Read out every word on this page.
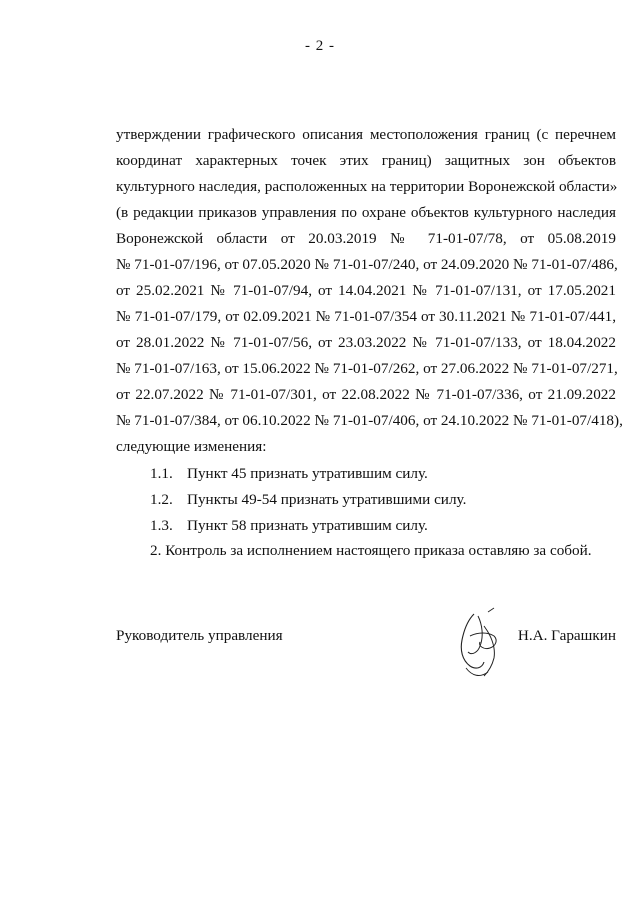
- 2 -
утверждении графического описания местоположения границ (с перечнем
координат характерных точек этих границ) защитных зон объектов
культурного наследия, расположенных на территории Воронежской области»
(в редакции приказов управления по охране объектов культурного наследия
Воронежской области от 20.03.2019 № 71-01-07/78, от 05.08.2019
№ 71-01-07/196, от 07.05.2020 № 71-01-07/240, от 24.09.2020 № 71-01-07/486,
от 25.02.2021 № 71-01-07/94, от 14.04.2021 № 71-01-07/131, от 17.05.2021
№ 71-01-07/179, от 02.09.2021 № 71-01-07/354 от 30.11.2021 № 71-01-07/441,
от 28.01.2022 № 71-01-07/56, от 23.03.2022 № 71-01-07/133, от 18.04.2022
№ 71-01-07/163, от 15.06.2022 № 71-01-07/262, от 27.06.2022 № 71-01-07/271,
от 22.07.2022 № 71-01-07/301, от 22.08.2022 № 71-01-07/336, от 21.09.2022
№ 71-01-07/384, от 06.10.2022 № 71-01-07/406, от 24.10.2022 № 71-01-07/418),
следующие изменения:
1.1. Пункт 45 признать утратившим силу.
1.2. Пункты 49-54 признать утратившими силу.
1.3. Пункт 58 признать утратившим силу.
2. Контроль за исполнением настоящего приказа оставляю за собой.
Руководитель управления	Н.А. Гарашкин
